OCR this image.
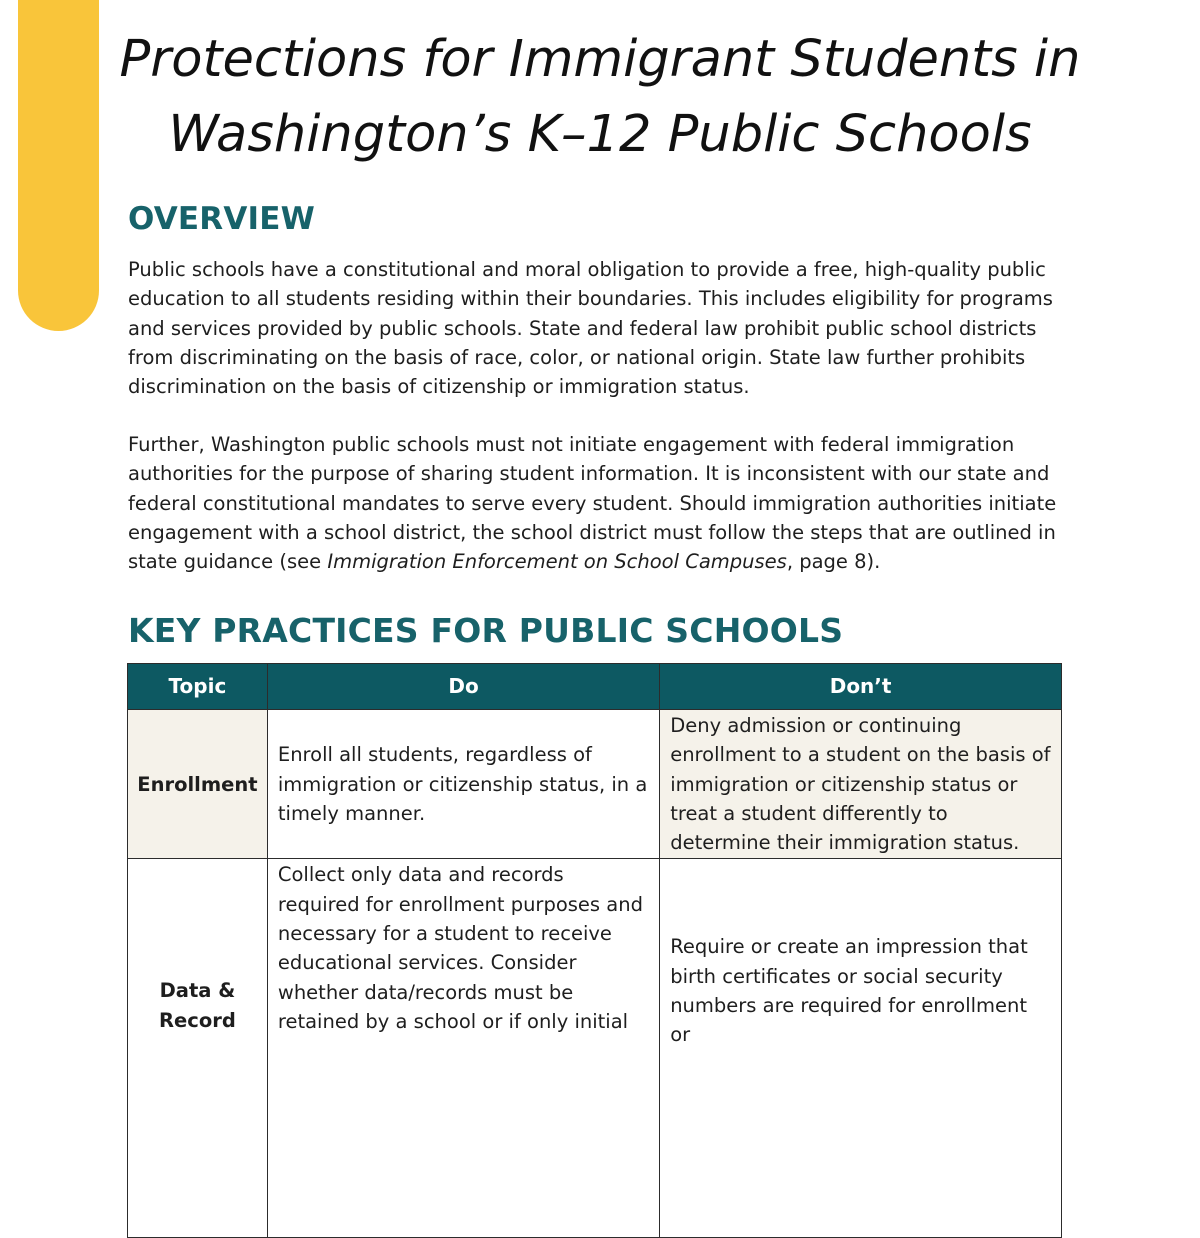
Protections for Immigrant Students in
Washington’s K–12 Public Schools
OVERVIEW

Public schools have a constitutional and moral obligation to provide a free, high-quality public education to all students residing within their boundaries. This includes eligibility for programs and services provided by public schools. State and federal law prohibit public school districts from discriminating on the basis of race, color, or national origin. State law further prohibits discrimination on the basis of citizenship or immigration status.

Further, Washington public schools must not initiate engagement with federal immigration authorities for the purpose of sharing student information. It is inconsistent with our state and federal constitutional mandates to serve every student. Should immigration authorities initiate engagement with a school district, the school district must follow the steps that are outlined in state guidance (see Immigration Enforcement on School Campuses, page 8).

KEY PRACTICES FOR PUBLIC SCHOOLS
Topic	Do	Don’t
Enrollment	Enroll all students, regardless of immigration or citizenship status, in a timely manner.	Deny admission or continuing enrollment to a student on the basis of immigration or citizenship status or treat a student differently to determine their immigration status.
Data & Record	Collect only data and records required for enrollment purposes and necessary for a student to receive educational services. Consider whether data/records must be retained by a school or if only initial	Require or create an impression that birth certificates or social security numbers are required for enrollment or
